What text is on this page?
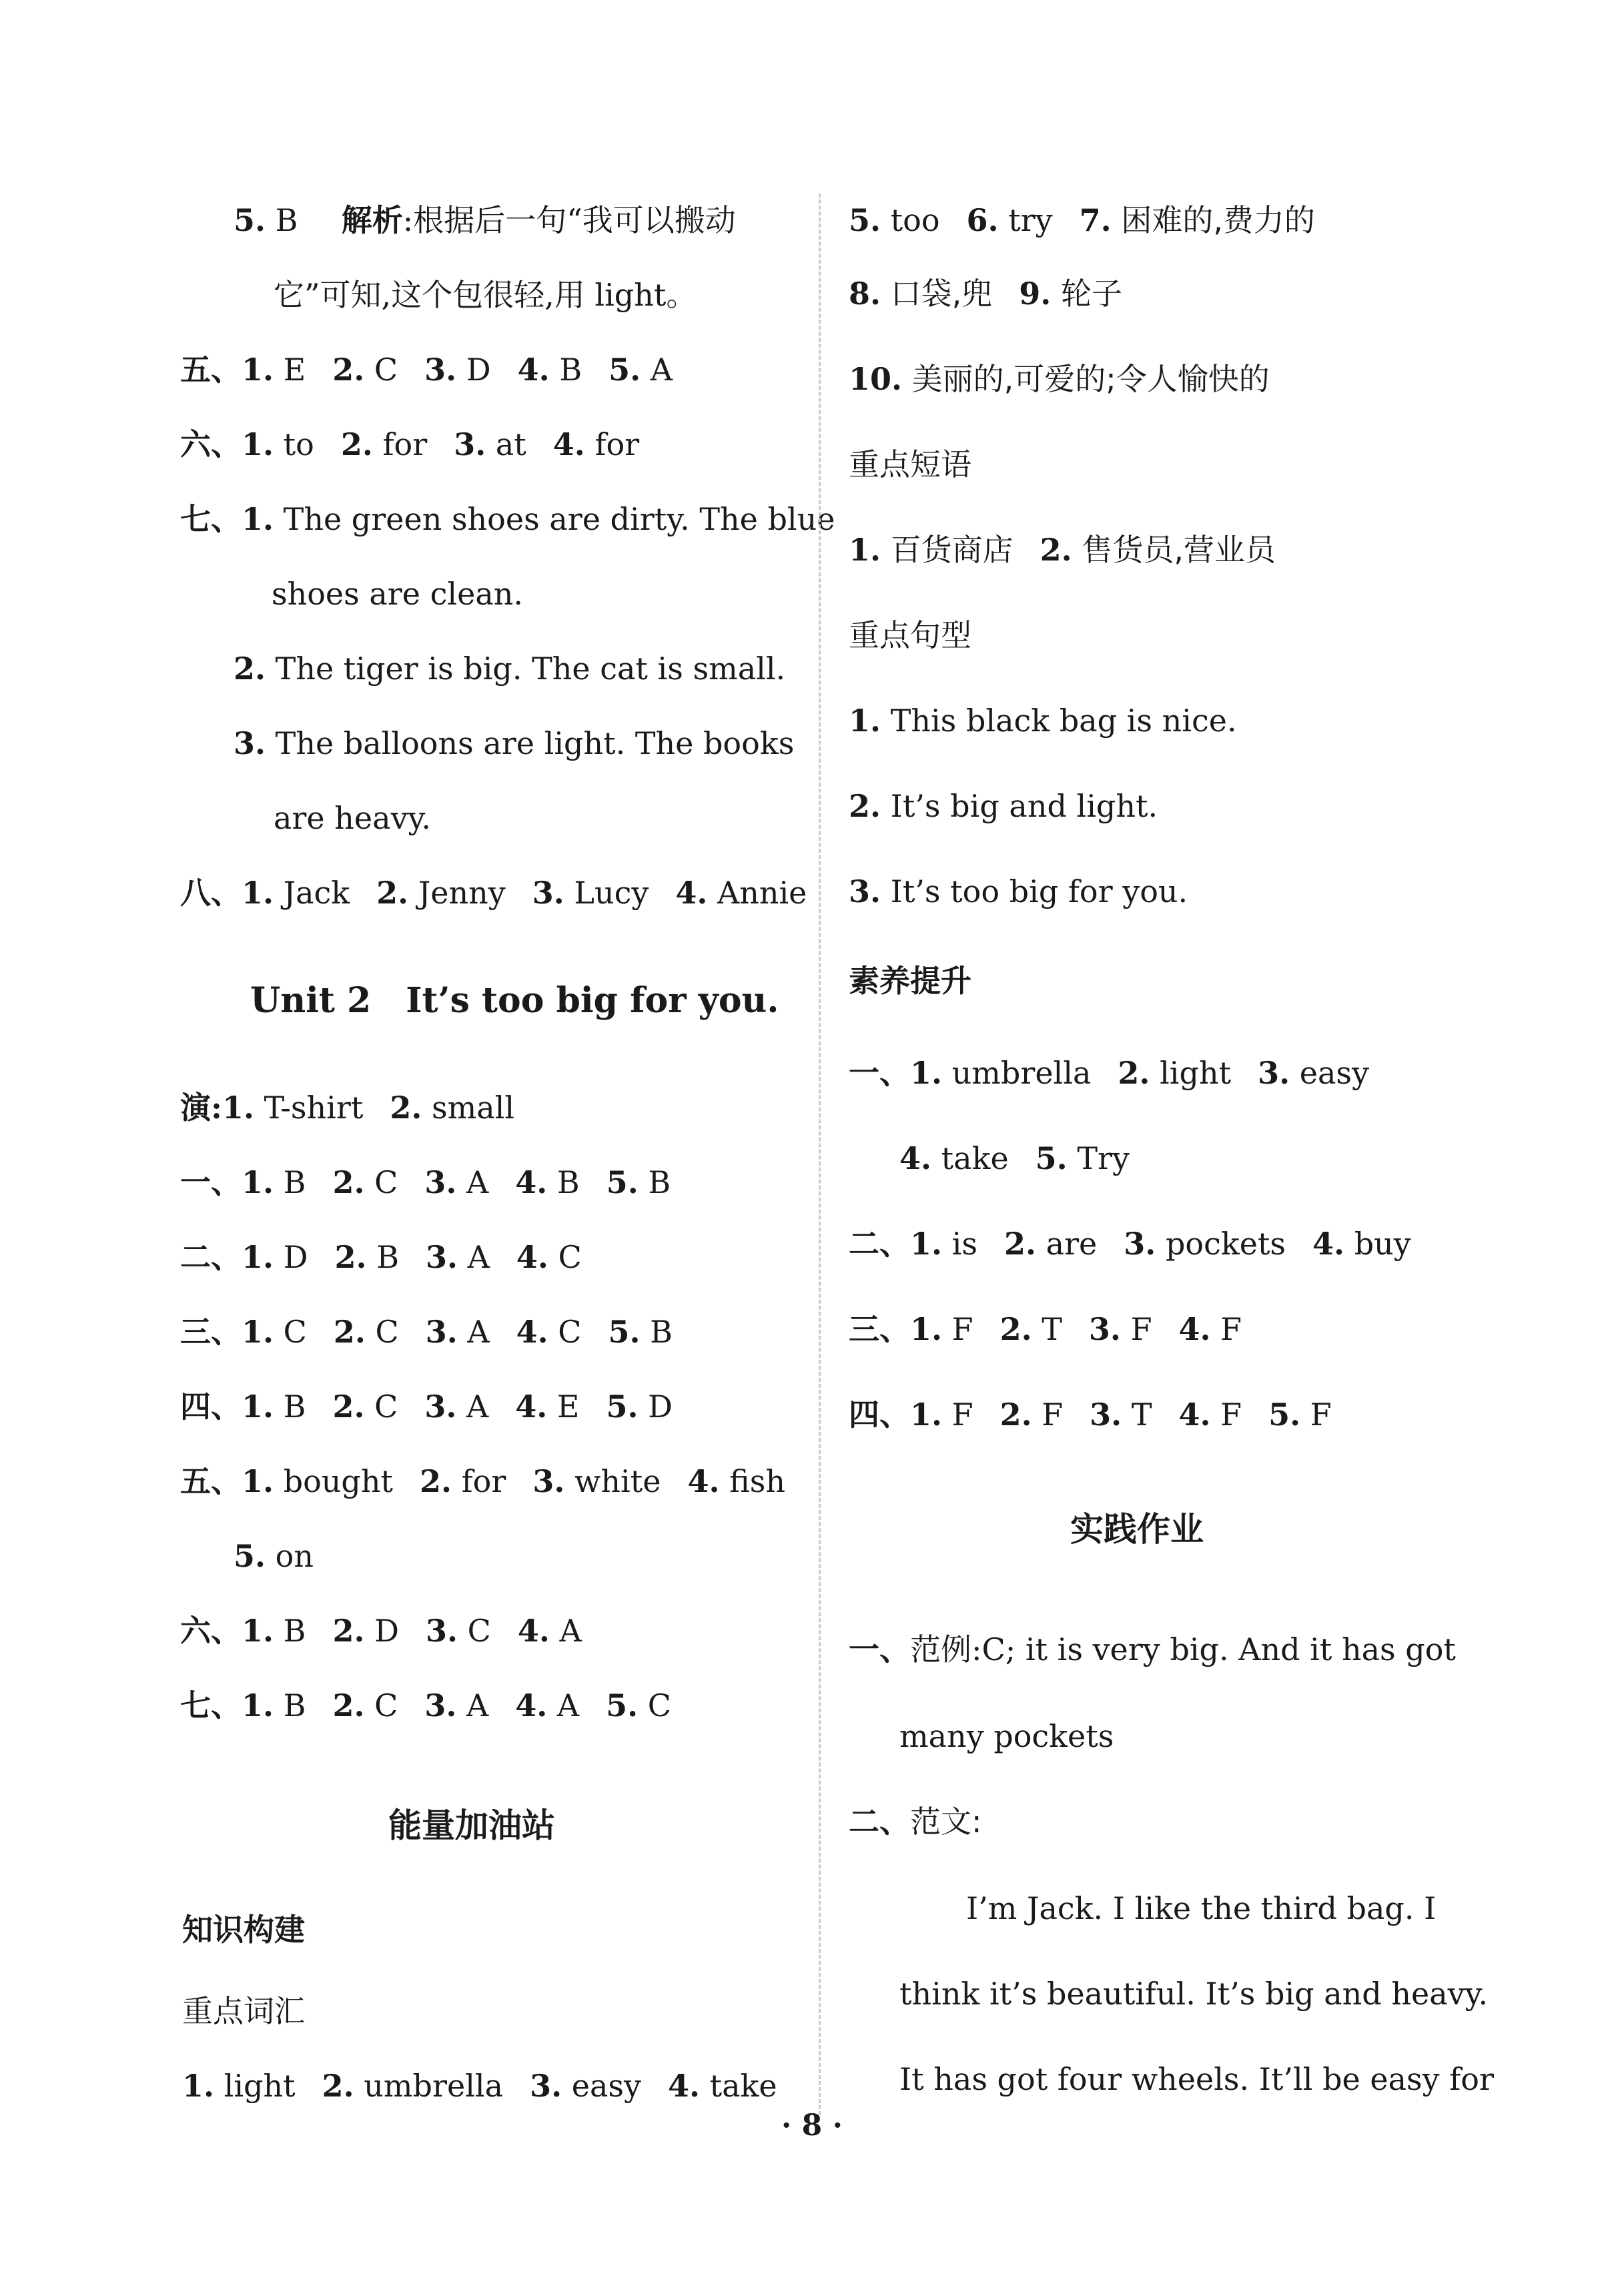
5. B 解析:根据后一句“我可以搬动
它”可知,这个包很轻,用 light。
五、1. E 2. C 3. D 4. B 5. A
六、1. to 2. for 3. at 4. for
七、1. The green shoes are dirty. The blue
shoes are clean.
2. The tiger is big. The cat is small.
3. The balloons are light. The books
are heavy.
八、1. Jack 2. Jenny 3. Lucy 4. Annie
Unit 2　It’s too big for you.
演:1. T-shirt 2. small
一、1. B 2. C 3. A 4. B 5. B
二、1. D 2. B 3. A 4. C
三、1. C 2. C 3. A 4. C 5. B
四、1. B 2. C 3. A 4. E 5. D
五、1. bought 2. for 3. white 4. fish
5. on
六、1. B 2. D 3. C 4. A
七、1. B 2. C 3. A 4. A 5. C
能量加油站
知识构建
重点词汇
1. light 2. umbrella 3. easy 4. take
5. too 6. try 7. 困难的,费力的
8. 口袋,兜 9. 轮子
10. 美丽的,可爱的;令人愉快的
重点短语
1. 百货商店 2. 售货员,营业员
重点句型
1. This black bag is nice.
2. It’s big and light.
3. It’s too big for you.
素养提升
一、1. umbrella 2. light 3. easy
4. take 5. Try
二、1. is 2. are 3. pockets 4. buy
三、1. F 2. T 3. F 4. F
四、1. F 2. F 3. T 4. F 5. F
实践作业
一、范例:C; it is very big. And it has got
many pockets
二、范文:
I’m Jack. I like the third bag. I
think it’s beautiful. It’s big and heavy.
It has got four wheels. It’ll be easy for
· 8 ·
